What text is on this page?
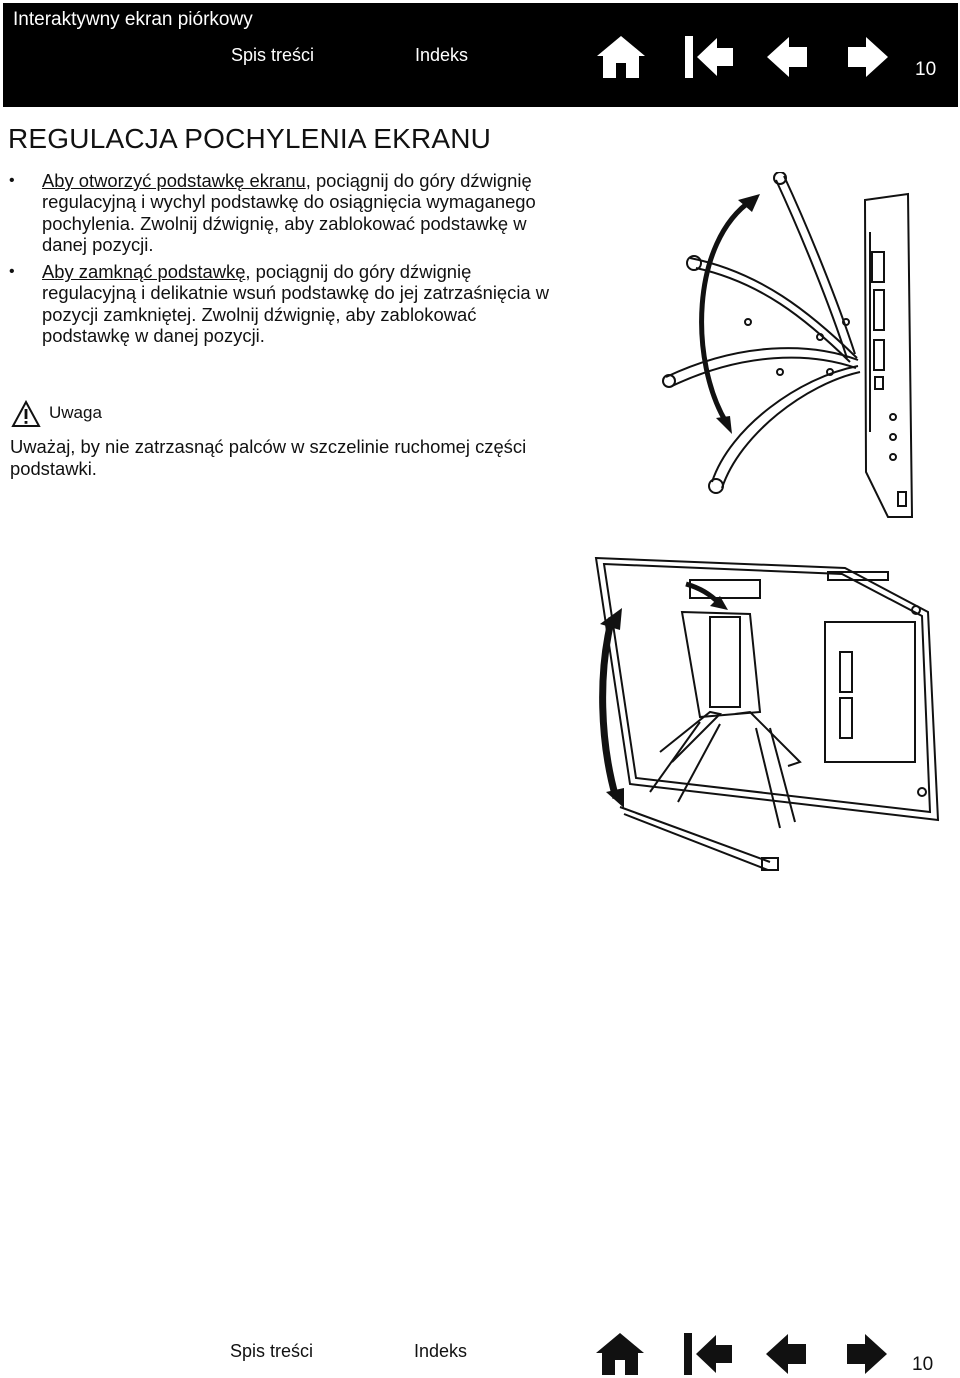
Interaktywny ekran piórkowy
Spis treści	Indeks
10
REGULACJA POCHYLENIA EKRANU
• Aby otworzyć podstawkę ekranu, pociągnij do góry dźwignię regulacyjną i wychyl podstawkę do osiągnięcia wymaganego pochylenia. Zwolnij dźwignię, aby zablokować podstawkę w danej pozycji.
• Aby zamknąć podstawkę, pociągnij do góry dźwignię regulacyjną i delikatnie wsuń podstawkę do jej zatrzaśnięcia w pozycji zamkniętej. Zwolnij dźwignię, aby zablokować podstawkę w danej pozycji.
Uwaga

Uważaj, by nie zatrzasnąć palców w szczelinie ruchomej części podstawki.

Spis treści	Indeks
10
